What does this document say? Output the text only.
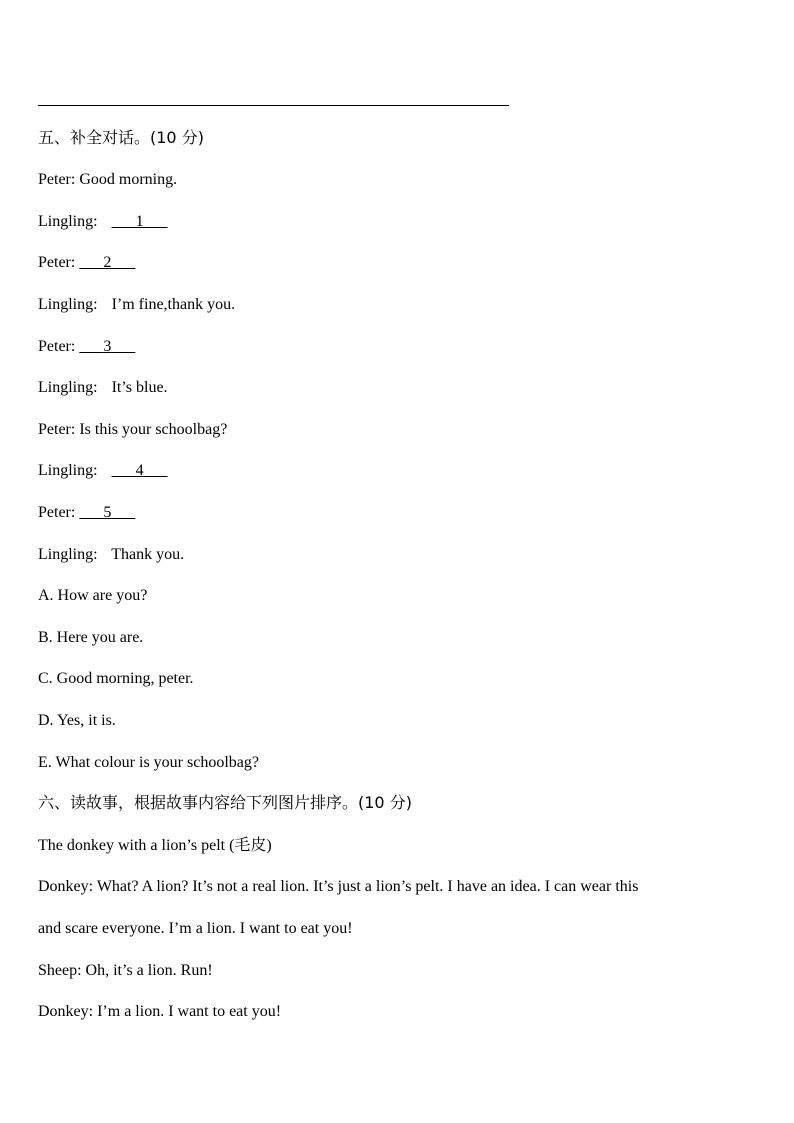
五、补全对话。(10 分)
Peter: Good morning.
Lingling: 1
Peter: 2
Lingling: I’m fine,thank you.
Peter: 3
Lingling: It’s blue.
Peter: Is this your schoolbag?
Lingling: 4
Peter: 5
Lingling: Thank you.
A. How are you?
B. Here you are.
C. Good morning, peter.
D. Yes, it is.
E. What colour is your schoolbag?
六、读故事，根据故事内容给下列图片排序。(10 分)
The donkey with a lion’s pelt (毛皮)
Donkey: What? A lion? It’s not a real lion. It’s just a lion’s pelt. I have an idea. I can wear this
and scare everyone. I’m a lion. I want to eat you!
Sheep: Oh, it’s a lion. Run!
Donkey: I’m a lion. I want to eat you!
